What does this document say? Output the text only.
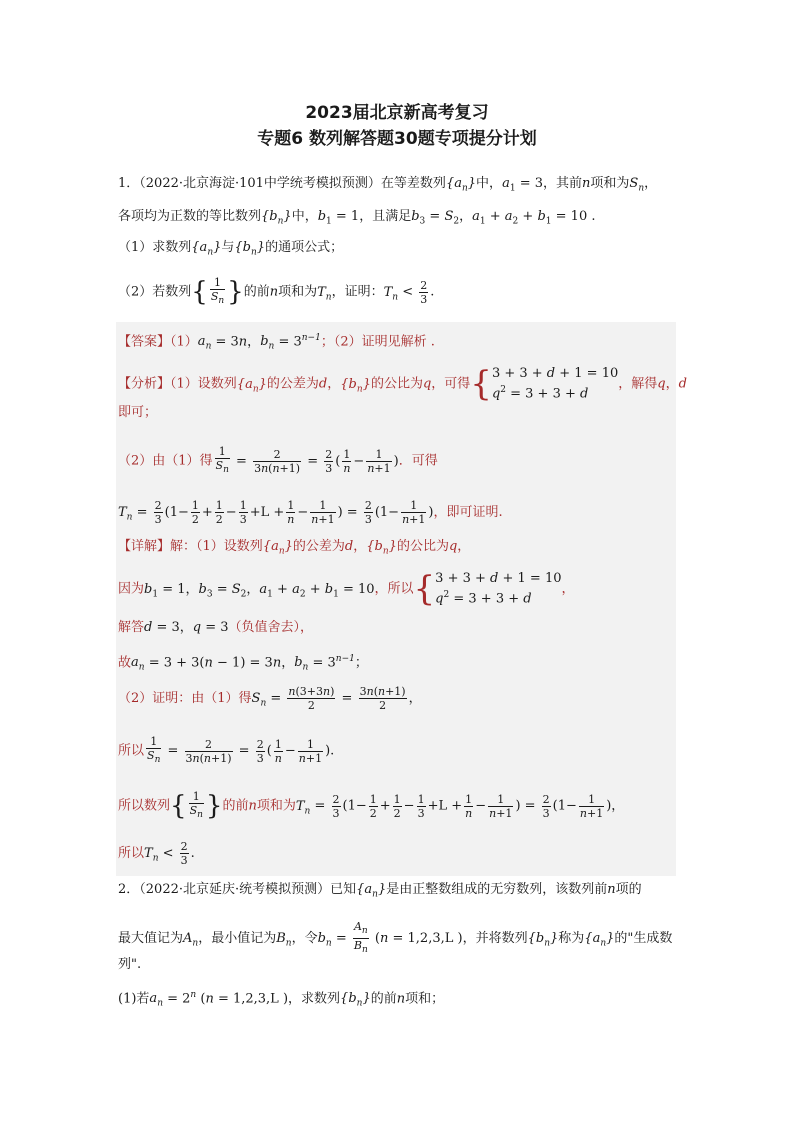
2023届北京新高考复习
专题6 数列解答题30题专项提分计划
1．（2022·北京海淀·101中学统考模拟预测）在等差数列$\{a_n\}$中，$a_1 = 3$，其前n项和为$S_n$，
各项均为正数的等比数列$\{b_n\}$中，$b_1 = 1$，且满足$b_3 = S_2$，$a_1 + a_2 + b_1 = 10$ .
（1）求数列$\{a_n\}$与$\{b_n\}$的通项公式；
（2）若数列{ $\frac{1}{S_n}$ }的前n项和为$T_n$，证明：$T_n < \frac{2}{3}$ .
【答案】$(1)a_n = 3n$，$b_n = 3^{n-1}$；（2）证明见解析 .
【分析】（1）设数列$\{a_n\}$的公差为d，$\{b_n\}$的公比为q，可得{ 3 + 3 + d + 1 = 10
$q^2 = 3 + 3 + d$
，解得q，d
即可；
（2）由（1）得 $\frac{1}{S_n} = \frac{2}{3n(n+1)} = \frac{2}{3}$ ( $\frac{1}{n} - \frac{1}{n+1}$ )．可得
$T_n = \frac{2}{3} (1- \frac{1}{2} + \frac{1}{2} - \frac{1}{3} +L + \frac{1}{n} - \frac{1}{n+1}$ ) = $\frac{2}{3} (1- \frac{1}{n+1}$ )，即可证明.
【详解】解：（1）设数列$\{a_n\}$的公差为d，$\{b_n\}$的公比为q，
因为$b_1 = 1$，$b_3 = S_2$，$a_1 + a_2 + b_1 = 10$，所以{ 3 + 3 + d + 1 = 10
$q^2 = 3 + 3 + d$
，
解答d = 3，q = 3（负值舍去），
故$a_n = 3 + 3(n - 1) = 3n$，$b_n = 3^{n-1}$；
（2）证明：由（1）得$S_n = \frac{n(3+3n)}{2} = \frac{3n(n+1)}{2}$ ，
所以 $\frac{1}{S_n} = \frac{2}{3n(n+1)} = \frac{2}{3}$ ( $\frac{1}{n} - \frac{1}{n+1}$ ).
所以数列{ $\frac{1}{S_n}$ }的前n项和为$T_n = \frac{2}{3} (1- \frac{1}{2} + \frac{1}{2} - \frac{1}{3} +L + \frac{1}{n} - \frac{1}{n+1}$ ) = $\frac{2}{3} (1- \frac{1}{n+1}$ )，
所以$T_n < \frac{2}{3}$ .
2．（2022·北京延庆·统考模拟预测）已知$\{a_n\}$是由正整数组成的无穷数列，该数列前n项的
最大值记为$A_n$，最小值记为$B_n$，令$b_n = \frac{A_n}{B_n} (n = 1,2,3,L$ )，并将数列$\{b_n\}$称为$\{a_n\}$的"生成数
列".
(1)若$a_n = 2^n$ (n = 1,2,3,L )，求数列$\{b_n\}$的前n项和；
